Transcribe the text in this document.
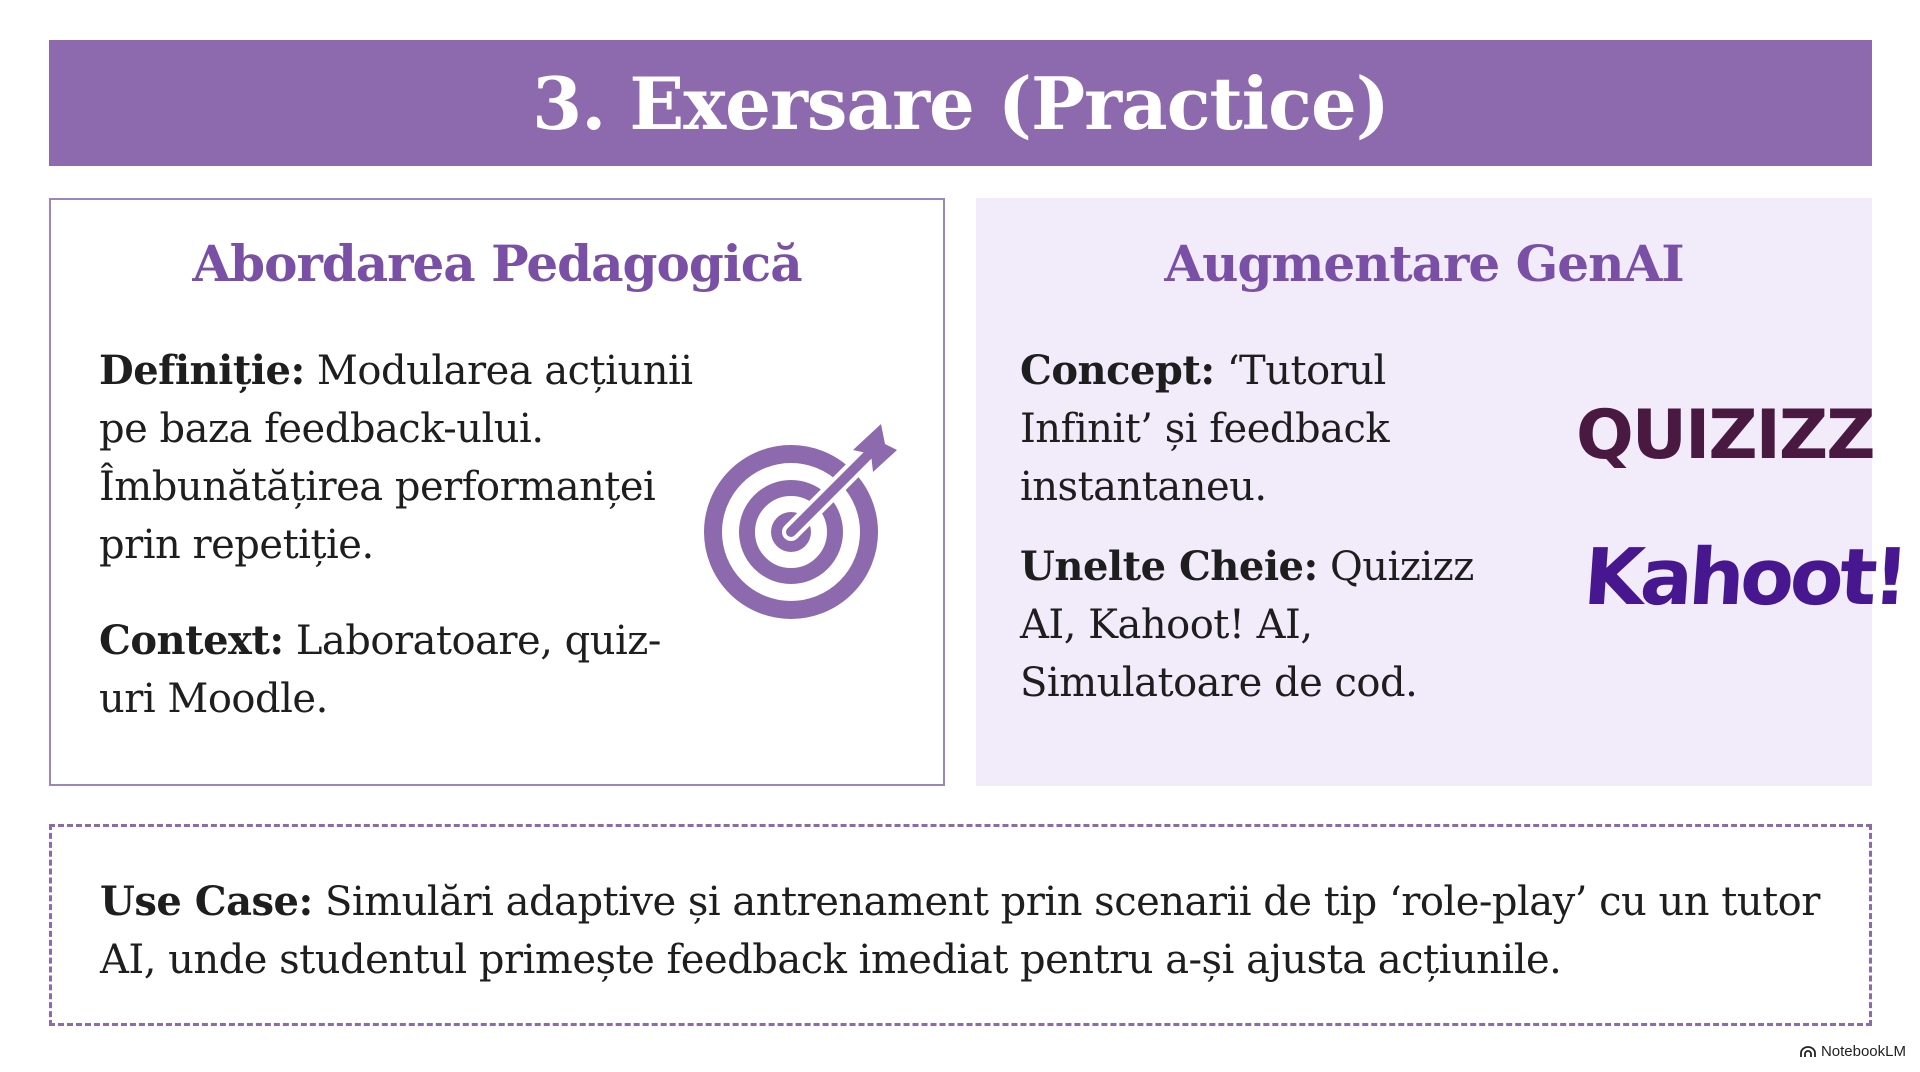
3. Exersare (Practice)
Abordarea Pedagogică
Definiție: Modularea acțiunii pe baza feedback-ului. Îmbunătățirea performanței prin repetiție.
Context: Laboratoare, quiz-uri Moodle.
Augmentare GenAI
Concept: ‘Tutorul Infinit’ și feedback instantaneu.
Unelte Cheie: Quizizz AI, Kahoot! AI, Simulatoare de cod.
QUIZIZZ
Kahoot!
Use Case: Simulări adaptive și antrenament prin scenarii de tip ‘role-play’ cu un tutor AI, unde studentul primește feedback imediat pentru a-și ajusta acțiunile.
NotebookLM
